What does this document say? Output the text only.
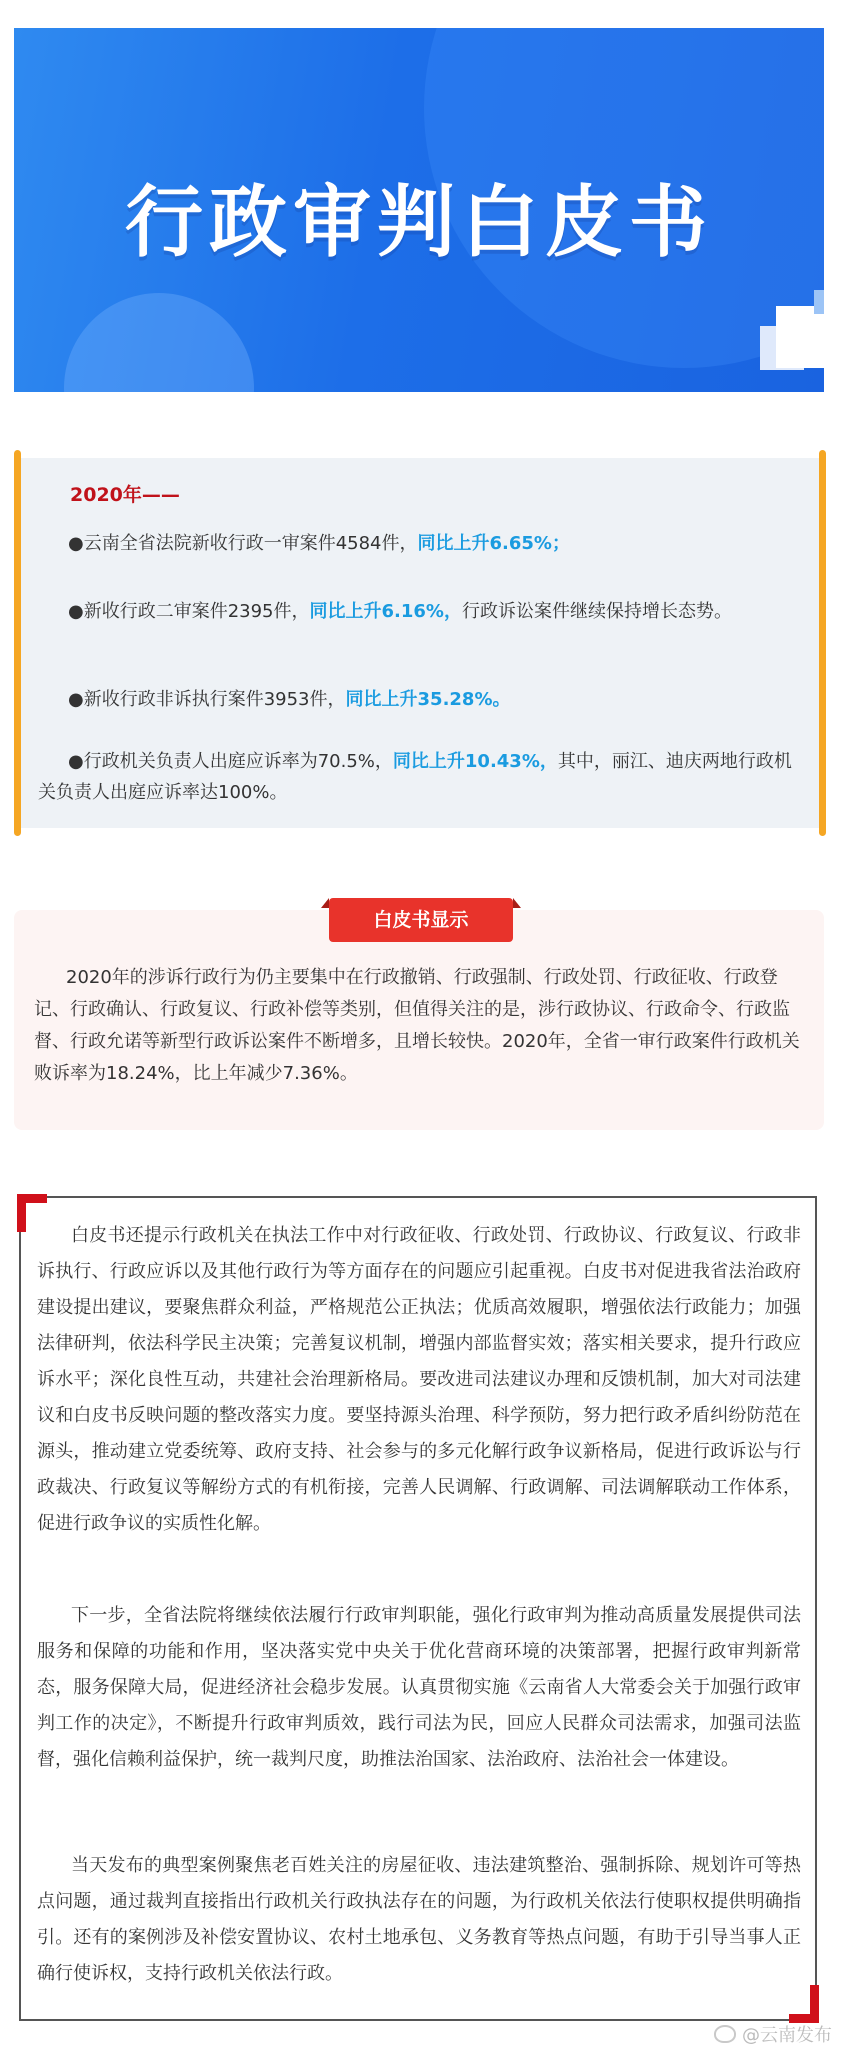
行政审判白皮书
2020年——

●云南全省法院新收行政一审案件4584件，同比上升6.65%；

●新收行政二审案件2395件，同比上升6.16%，行政诉讼案件继续保持增长态势。

●新收行政非诉执行案件3953件，同比上升35.28%。

●行政机关负责人出庭应诉率为70.5%，同比上升10.43%，其中，丽江、迪庆两地行政机关负责人出庭应诉率达100%。

白皮书显示
2020年的涉诉行政行为仍主要集中在行政撤销、行政强制、行政处罚、行政征收、行政登记、行政确认、行政复议、行政补偿等类别，但值得关注的是，涉行政协议、行政命令、行政监督、行政允诺等新型行政诉讼案件不断增多，且增长较快。2020年，全省一审行政案件行政机关败诉率为18.24%，比上年减少7.36%。

白皮书还提示行政机关在执法工作中对行政征收、行政处罚、行政协议、行政复议、行政非诉执行、行政应诉以及其他行政行为等方面存在的问题应引起重视。白皮书对促进我省法治政府建设提出建议，要聚焦群众利益，严格规范公正执法；优质高效履职，增强依法行政能力；加强法律研判，依法科学民主决策；完善复议机制，增强内部监督实效；落实相关要求，提升行政应诉水平；深化良性互动，共建社会治理新格局。要改进司法建议办理和反馈机制，加大对司法建议和白皮书反映问题的整改落实力度。要坚持源头治理、科学预防，努力把行政矛盾纠纷防范在源头，推动建立党委统筹、政府支持、社会参与的多元化解行政争议新格局，促进行政诉讼与行政裁决、行政复议等解纷方式的有机衔接，完善人民调解、行政调解、司法调解联动工作体系，促进行政争议的实质性化解。

下一步，全省法院将继续依法履行行政审判职能，强化行政审判为推动高质量发展提供司法服务和保障的功能和作用，坚决落实党中央关于优化营商环境的决策部署，把握行政审判新常态，服务保障大局，促进经济社会稳步发展。认真贯彻实施《云南省人大常委会关于加强行政审判工作的决定》，不断提升行政审判质效，践行司法为民，回应人民群众司法需求，加强司法监督，强化信赖利益保护，统一裁判尺度，助推法治国家、法治政府、法治社会一体建设。

当天发布的典型案例聚焦老百姓关注的房屋征收、违法建筑整治、强制拆除、规划许可等热点问题，通过裁判直接指出行政机关行政执法存在的问题，为行政机关依法行使职权提供明确指引。还有的案例涉及补偿安置协议、农村土地承包、义务教育等热点问题，有助于引导当事人正确行使诉权，支持行政机关依法行政。

@云南发布
